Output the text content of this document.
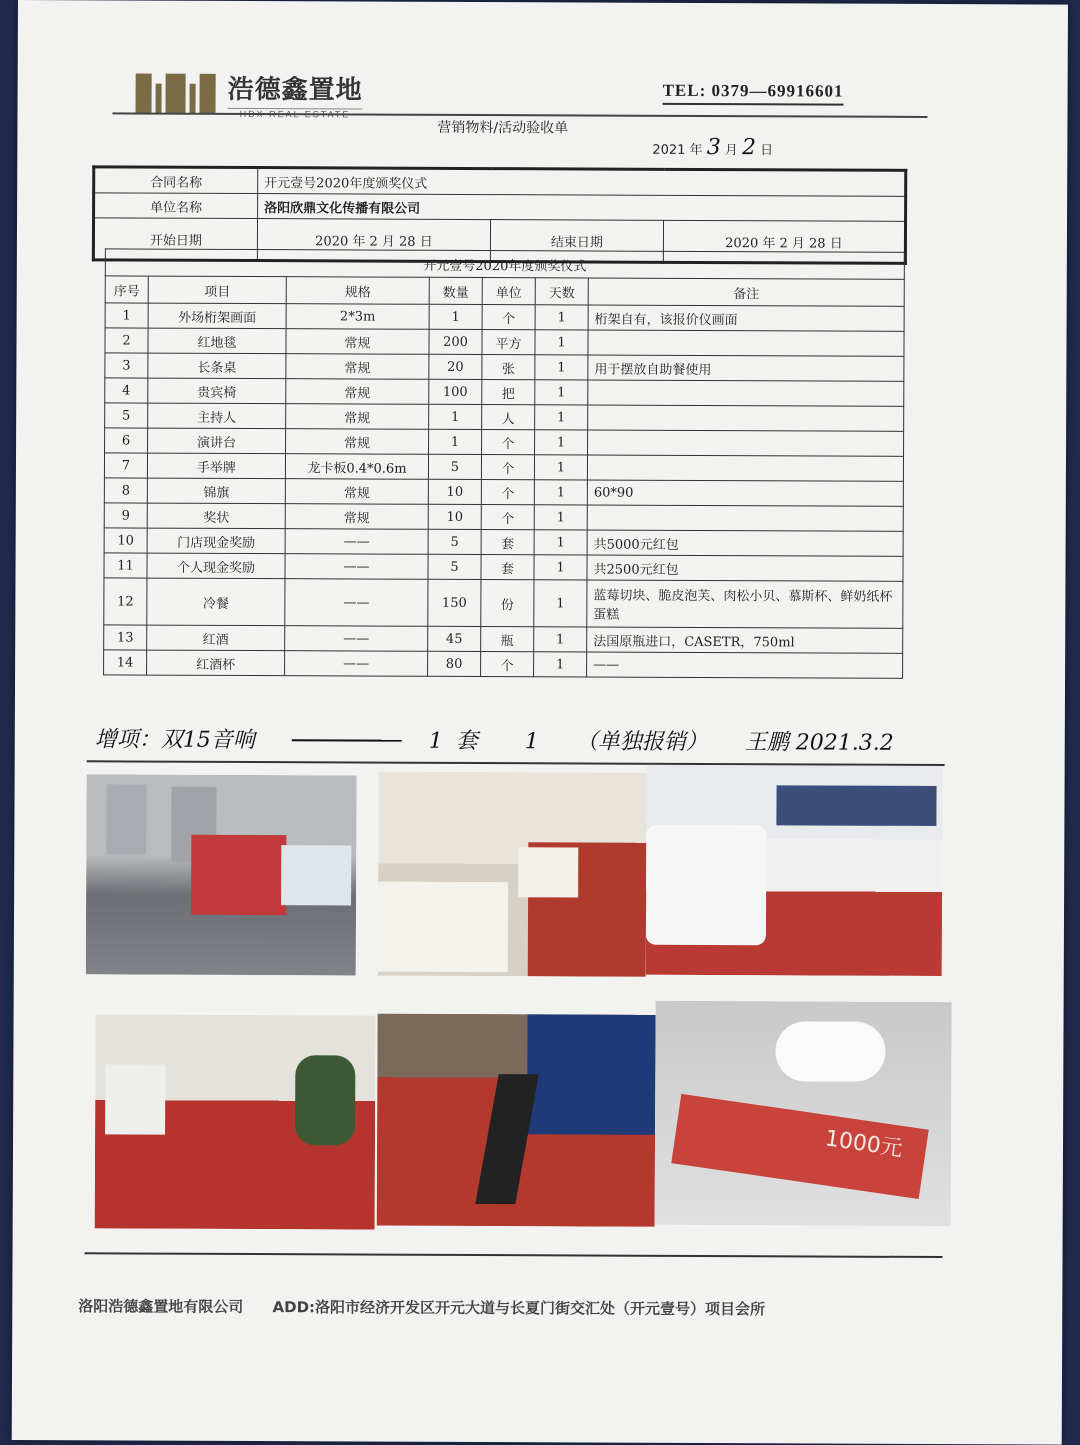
浩德鑫置地
HDX REAL ESTATE
TEL: 0379—69916601
营销物料/活动验收单
2021 年 3 月 2 日
合同名称	开元壹号2020年度颁奖仪式		
单位名称	洛阳欣鼎文化传播有限公司		
开始日期	2020 年 2 月 28 日	结束日期	2020 年 2 月 28 日
开元壹号2020年度颁奖仪式						
序号	项目	规格	数量	单位	天数	备注
1	外场桁架画面	2*3m	1	个	1	桁架自有，该报价仪画面
2	红地毯	常规	200	平方	1	
3	长条桌	常规	20	张	1	用于摆放自助餐使用
4	贵宾椅	常规	100	把	1	
5	主持人	常规	1	人	1	
6	演讲台	常规	1	个	1	
7	手举牌	龙卡板0.4*0.6m	5	个	1	
8	锦旗	常规	10	个	1	60*90
9	奖状	常规	10	个	1	
10	门店现金奖励	——	5	套	1	共5000元红包
11	个人现金奖励	——	5	套	1	共2500元红包
12	冷餐	——	150	份	1	蓝莓切块、脆皮泡芙、肉松小贝、慕斯杯、鲜奶纸杯蛋糕
13	红酒	——	45	瓶	1	法国原瓶进口，CASETR，750ml
14	红酒杯	——	80	个	1	——
增项：双15音响	1 套 1 （单独报销） 王鹏 2021.3.2
1000元
洛阳浩德鑫置地有限公司 ADD:洛阳市经济开发区开元大道与长夏门街交汇处（开元壹号）项目会所
